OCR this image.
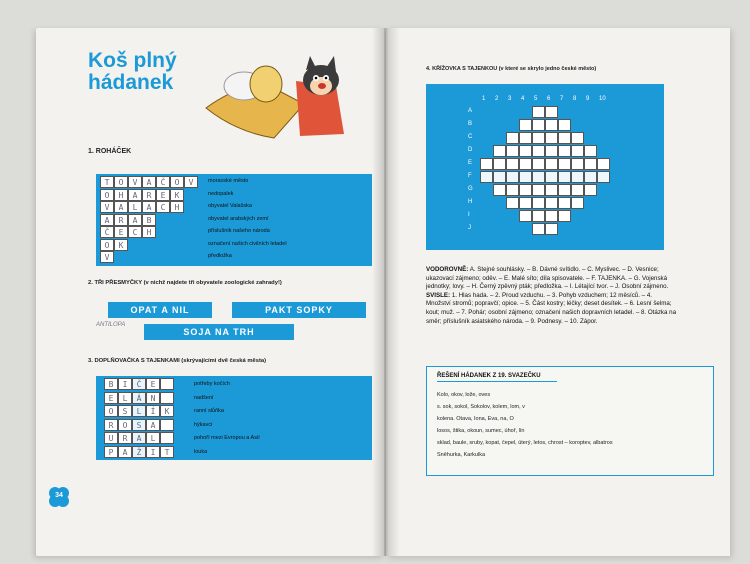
Koš plný
hádanek
1. ROHÁČEK
2. TŘI PŘESMYČKY (v nichž najdete tři obyvatele zoologické zahrady!)
OPAT A NIL	PAKT SOPKY
SOJA NA TRH
ANTILOPA
3. DOPLŇOVAČKA S TAJENKAMI (skrývajícími dvě česká města)
34
T	O	V	A	Č	O	V	moravské město
O	H	A	R	E	K	nedopalek
V	A	L	A	C	H	obyvatel Valašska
A	R	A	B	obyvatel arabských zemí
Č	E	C	H	příslušník našeho národa
O	K	označení našich civilních letadel
V	předložka
B	I	Č	E	potřeby kočích
E	L	Á	N	nadšení
O	S	L	Í	K	ranní slůňka
R	O	S	A	hýkavci
U	R	A	L	pohoří mezi Evropou a Asií
P	A	Ž	I	T	louka
4. KŘÍŽOVKA S TAJENKOU (v které se skrylo jedno české město)
VODOROVNĚ: A. Stejné souhlásky. – B. Dávné svítidlo. – C. Myslivec. – D. Vesnice; ukazovací zájmeno; oděv. – E. Malé síto; díla spisovatele. – F. TAJENKA. – G. Vojenská jednotky; lovy. – H. Černý zpěvný pták; předložka. – I. Létající tvor. – J. Osobní zájmeno.
SVISLE: 1. Hlas hada. – 2. Proud vzduchu. – 3. Pohyb vzduchem; 12 měsíců. – 4. Množství stromů; popravčí; opice. – 5. Část kostry; léčky; deset desítek. – 6. Lesní šelma; kout; muž. – 7. Pohár; osobní zájmeno; označení našich dopravních letadel. – 8. Otázka na směr; příslušník asiatského národa. – 9. Podnesy. – 10. Zápor.
ŘEŠENÍ HÁDANEK Z 19. SVAZEČKU

Kolo, okov, lože, oves

s. sok, sokol, Sokolov, kolem, lom, v

kolena. Otava, Iona, Eva, na, O

losos, štika, okoun, sumec, úhoř, lín

sklad, baule, sruby, kopat, čepel, úterý, letos, chrost – koroptev, albatros

Sněhurka, Karkulka

1 2 3 4 5 6 7 8 9 10
A
B
C
D
E
F
G
H
I
J
